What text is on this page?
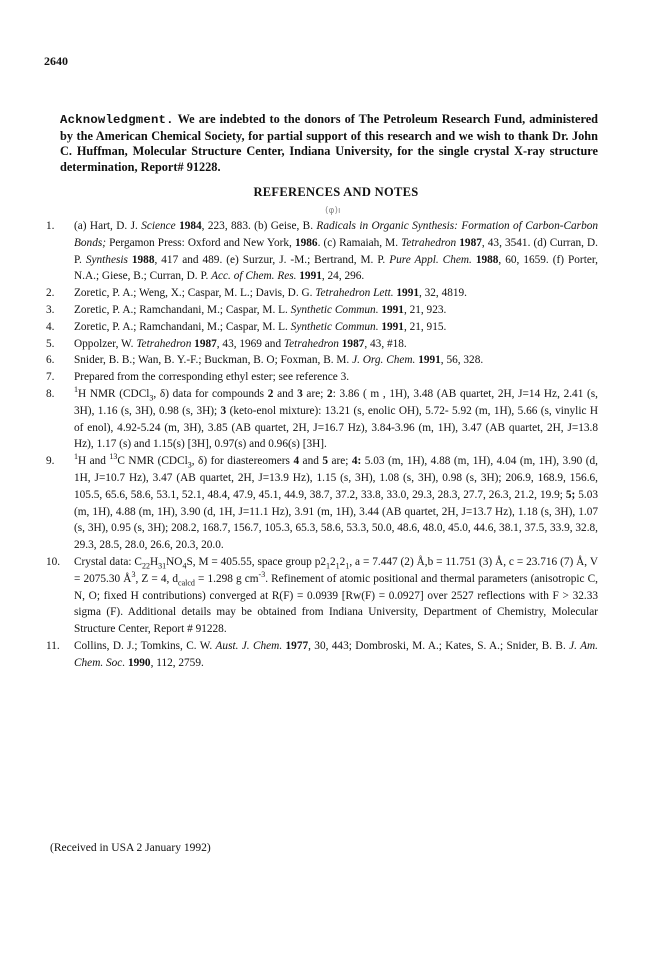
2640
Acknowledgment. We are indebted to the donors of The Petroleum Research Fund, administered by the American Chemical Society, for partial support of this research and we wish to thank Dr. John C. Huffman, Molecular Structure Center, Indiana University, for the single crystal X-ray structure determination, Report# 91228.
REFERENCES AND NOTES
(φ)ı
1.	(a) Hart, D. J. Science 1984, 223, 883. (b) Geise, B. Radicals in Organic Synthesis: Formation of Carbon-Carbon Bonds; Pergamon Press: Oxford and New York, 1986. (c) Ramaiah, M. Tetrahedron 1987, 43, 3541. (d) Curran, D. P. Synthesis 1988, 417 and 489. (e) Surzur, J. -M.; Bertrand, M. P. Pure Appl. Chem. 1988, 60, 1659. (f) Porter, N.A.; Giese, B.; Curran, D. P. Acc. of Chem. Res. 1991, 24, 296.
2.	Zoretic, P. A.; Weng, X.; Caspar, M. L.; Davis, D. G. Tetrahedron Lett. 1991, 32, 4819.
3.	Zoretic, P. A.; Ramchandani, M.; Caspar, M. L. Synthetic Commun. 1991, 21, 923.
4.	Zoretic, P. A.; Ramchandani, M.; Caspar, M. L. Synthetic Commun. 1991, 21, 915.
5.	Oppolzer, W. Tetrahedron 1987, 43, 1969 and Tetrahedron 1987, 43, #18.
6.	Snider, B. B.; Wan, B. Y.-F.; Buckman, B. O; Foxman, B. M. J. Org. Chem. 1991, 56, 328.
7.	Prepared from the corresponding ethyl ester; see reference 3.
8.	$^1$H NMR (CDCl$_3$, δ) data for compounds 2 and 3 are; 2: 3.86 ( m , 1H), 3.48 (AB quartet, 2H, J=14 Hz, 2.41 (s, 3H), 1.16 (s, 3H), 0.98 (s, 3H); 3 (keto-enol mixture): 13.21 (s, enolic OH), 5.72- 5.92 (m, 1H), 5.66 (s, vinylic H of enol), 4.92-5.24 (m, 3H), 3.85 (AB quartet, 2H, J=16.7 Hz), 3.84-3.96 (m, 1H), 3.47 (AB quartet, 2H, J=13.8 Hz), 1.17 (s) and 1.15(s) [3H], 0.97(s) and 0.96(s) [3H].
9.	$^1$H and $^{13}$C NMR (CDCl$_3$, δ) for diastereomers 4 and 5 are; 4: 5.03 (m, 1H), 4.88 (m, 1H), 4.04 (m, 1H), 3.90 (d, 1H, J=10.7 Hz), 3.47 (AB quartet, 2H, J=13.9 Hz), 1.15 (s, 3H), 1.08 (s, 3H), 0.98 (s, 3H); 206.9, 168.9, 156.6, 105.5, 65.6, 58.6, 53.1, 52.1, 48.4, 47.9, 45.1, 44.9, 38.7, 37.2, 33.8, 33.0, 29.3, 28.3, 27.7, 26.3, 21.2, 19.9; 5; 5.03 (m, 1H), 4.88 (m, 1H), 3.90 (d, 1H, J=11.1 Hz), 3.91 (m, 1H), 3.44 (AB quartet, 2H, J=13.7 Hz), 1.18 (s, 3H), 1.07 (s, 3H), 0.95 (s, 3H); 208.2, 168.7, 156.7, 105.3, 65.3, 58.6, 53.3, 50.0, 48.6, 48.0, 45.0, 44.6, 38.1, 37.5, 33.9, 32.8, 29.3, 28.5, 28.0, 26.6, 20.3, 20.0.
10.	Crystal data: $C_{22}H_{31}NO_4S$, M = 405.55, space group $p2_12_12_1$, a = 7.447 (2) Å,b = 11.751 (3) Å, c = 23.716 (7) Å, V = 2075.30 $Å^3$, Z = 4, $d_{calcd} = 1.298$ g $cm^{-3}$. Refinement of atomic positional and thermal parameters (anisotropic C, N, O; fixed H contributions) converged at R(F) = 0.0939 [Rw(F) = 0.0927] over 2527 reflections with F > 32.33 sigma (F). Additional details may be obtained from Indiana University, Department of Chemistry, Molecular Structure Center, Report # 91228.
11.	Collins, D. J.; Tomkins, C. W. Aust. J. Chem. 1977, 30, 443; Dombroski, M. A.; Kates, S. A.; Snider, B. B. J. Am. Chem. Soc. 1990, 112, 2759.
(Received in USA 2 January 1992)
